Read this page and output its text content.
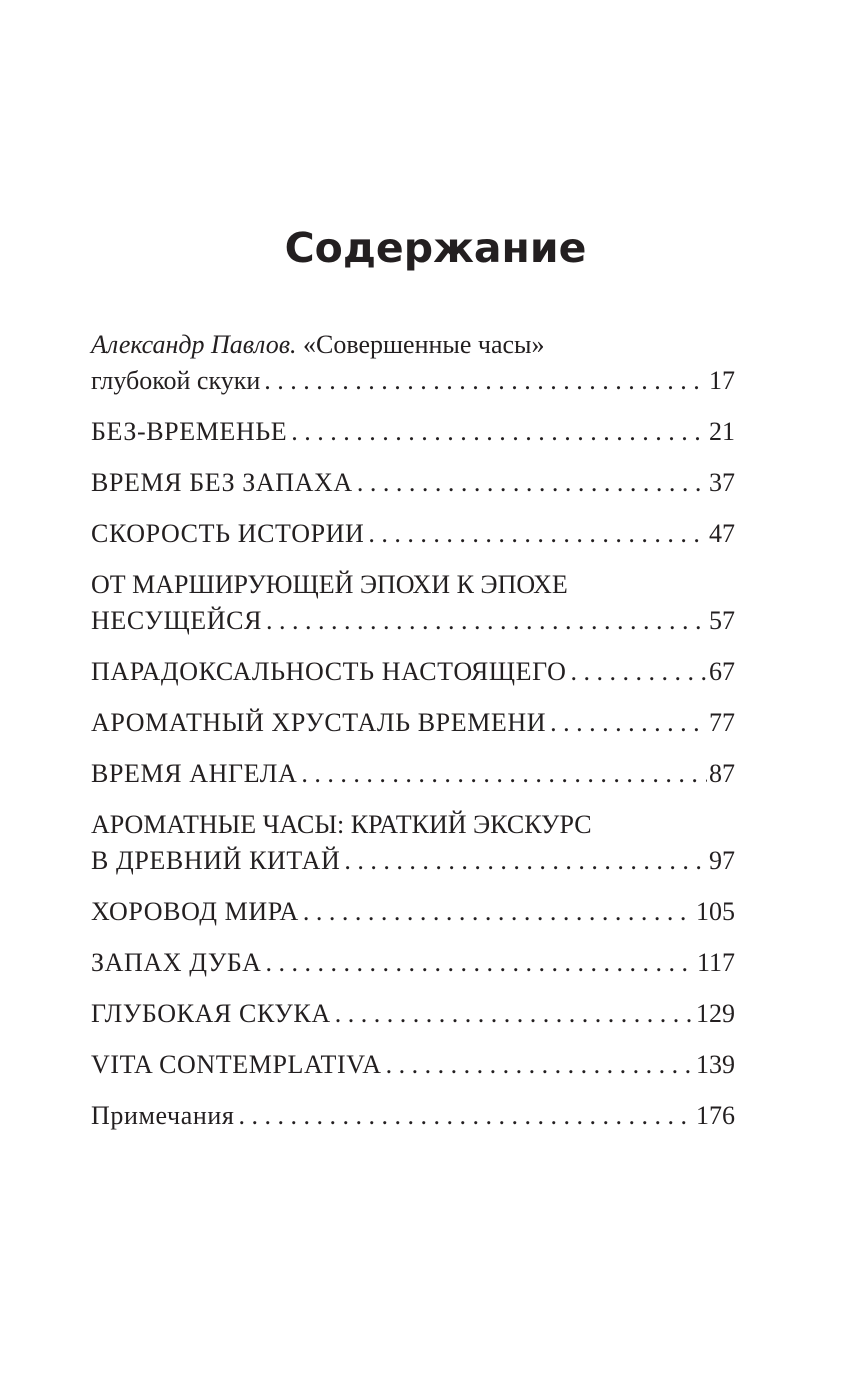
Содержание
Александр Павлов. «Совершенные часы»
глубокой скуки . . .	17
БЕЗ-ВРЕМЕНЬЕ . . .	21
ВРЕМЯ БЕЗ ЗАПАХА . . .	37
СКОРОСТЬ ИСТОРИИ . . .	47
ОТ МАРШИРУЮЩЕЙ ЭПОХИ К ЭПОХЕ
НЕСУЩЕЙСЯ . . .	57
ПАРАДОКСАЛЬНОСТЬ НАСТОЯЩЕГО . . .	67
АРОМАТНЫЙ ХРУСТАЛЬ ВРЕМЕНИ . . .	77
ВРЕМЯ АНГЕЛА . . .	87
АРОМАТНЫЕ ЧАСЫ: КРАТКИЙ ЭКСКУРС
В ДРЕВНИЙ КИТАЙ . . .	97
ХОРОВОД МИРА . . .	105
ЗАПАХ ДУБА . . .	117
ГЛУБОКАЯ СКУКА . . .	129
VITA CONTEMPLATIVA . . .	139
Примечания . . .	176
